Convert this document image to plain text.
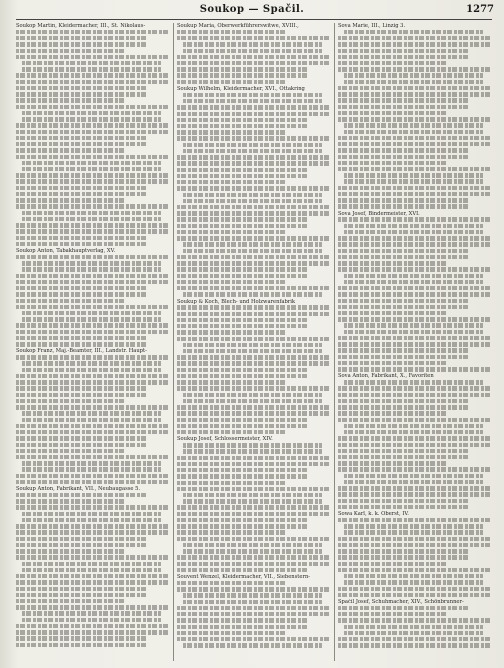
Soukop — Spačil.	1277
Soukop Martin, Kleidermacher, III., St. Nikolaus-
Soukop Anton, Tabakhauptverlag, XV.
Soukop Franz, Maj.-Beamter, III., Landstr. Haupt-
Soukup Anton, Fabrikant, VII., Neubaugasse 5.
Soukup Maria, Oberwerkführerswitwe, XVIII.,
Soukup Wilhelm, Kleidermacher, XVI., Ottakring
Soukup & Koch, Blech- und Holzwarenfabrik
Soukup Josef, Schlossermeister, XIV.
Souvent Wenzel, Kleidermacher, VII., Siebenstern-
Sova Marie, III., Linzig 3.
Sova Josef, Bindermeister, XVI.
Sova Anton, Fabrikant, X., Favoriten
Sowa Karl, k. k. Oberst, IV.
Spačil Josef, Schuhmacher, XIV., Schönbrunner-
